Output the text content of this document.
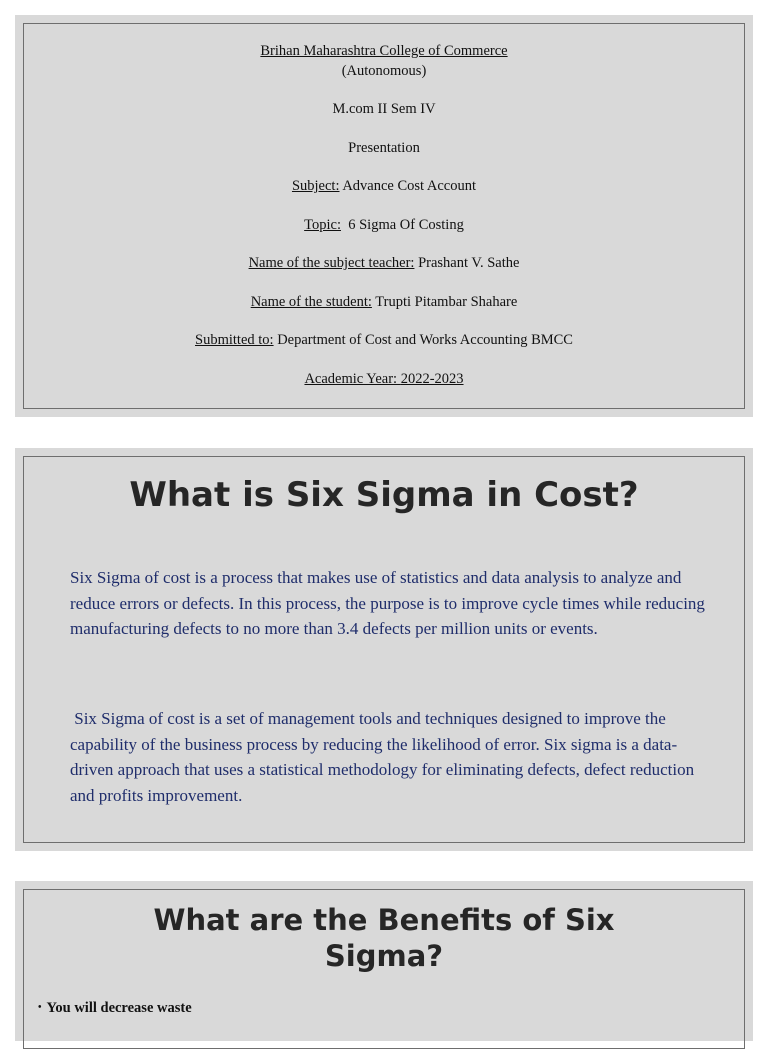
Brihan Maharashtra College of Commerce
(Autonomous)
M.com II Sem IV
Presentation
Subject: Advance Cost Account
Topic:  6 Sigma Of Costing
Name of the subject teacher: Prashant V. Sathe
Name of the student: Trupti Pitambar Shahare
Submitted to: Department of Cost and Works Accounting BMCC
Academic Year: 2022-2023
What is Six Sigma in Cost?
Six Sigma of cost is a process that makes use of statistics and data analysis to analyze and reduce errors or defects. In this process, the purpose is to improve cycle times while reducing manufacturing defects to no more than 3.4 defects per million units or events.
Six Sigma of cost is a set of management tools and techniques designed to improve the capability of the business process by reducing the likelihood of error. Six sigma is a data-driven approach that uses a statistical methodology for eliminating defects, defect reduction and profits improvement.
What are the Benefits of Six Sigma?
• You will decrease waste
